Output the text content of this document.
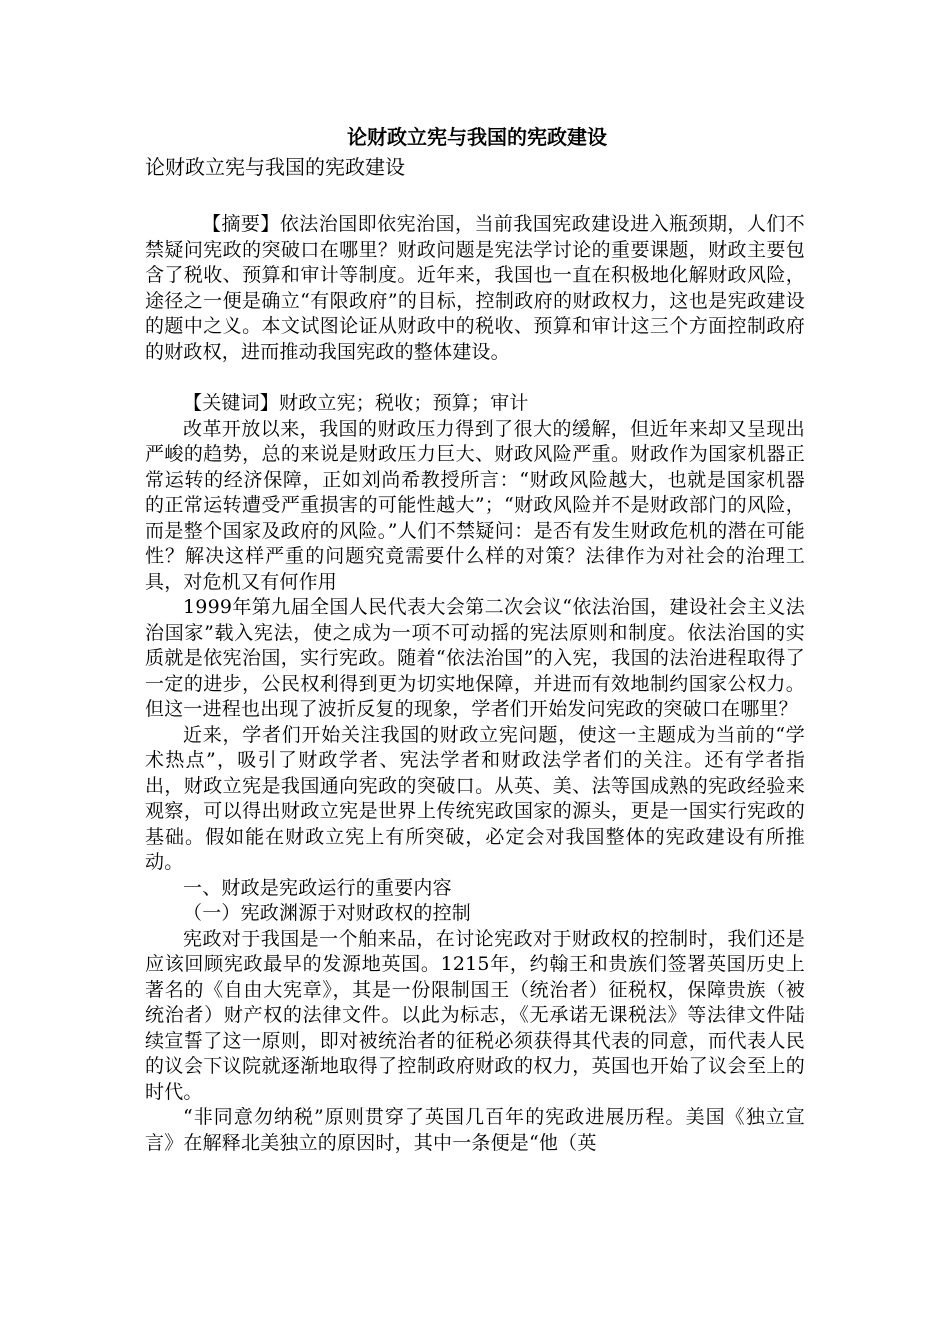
论财政立宪与我国的宪政建设

论财政立宪与我国的宪政建设

【摘要】依法治国即依宪治国，当前我国宪政建设进入瓶颈期，人们不禁疑问宪政的突破口在哪里？财政问题是宪法学讨论的重要课题，财政主要包含了税收、预算和审计等制度。近年来，我国也一直在积极地化解财政风险，途径之一便是确立“有限政府”的目标，控制政府的财政权力，这也是宪政建设的题中之义。本文试图论证从财政中的税收、预算和审计这三个方面控制政府的财政权，进而推动我国宪政的整体建设。

【关键词】财政立宪；税收；预算；审计

改革开放以来，我国的财政压力得到了很大的缓解，但近年来却又呈现出严峻的趋势，总的来说是财政压力巨大、财政风险严重。财政作为国家机器正常运转的经济保障，正如刘尚希教授所言：“财政风险越大，也就是国家机器的正常运转遭受严重损害的可能性越大”；“财政风险并不是财政部门的风险，而是整个国家及政府的风险。”人们不禁疑问：是否有发生财政危机的潜在可能性？解决这样严重的问题究竟需要什么样的对策？法律作为对社会的治理工具，对危机又有何作用

1999年第九届全国人民代表大会第二次会议“依法治国，建设社会主义法治国家”载入宪法，使之成为一项不可动摇的宪法原则和制度。依法治国的实质就是依宪治国，实行宪政。随着“依法治国”的入宪，我国的法治进程取得了一定的进步，公民权利得到更为切实地保障，并进而有效地制约国家公权力。但这一进程也出现了波折反复的现象，学者们开始发问宪政的突破口在哪里？

近来，学者们开始关注我国的财政立宪问题，使这一主题成为当前的“学术热点”，吸引了财政学者、宪法学者和财政法学者们的关注。还有学者指出，财政立宪是我国通向宪政的突破口。从英、美、法等国成熟的宪政经验来观察，可以得出财政立宪是世界上传统宪政国家的源头，更是一国实行宪政的基础。假如能在财政立宪上有所突破，必定会对我国整体的宪政建设有所推动。

一、财政是宪政运行的重要内容

（一）宪政渊源于对财政权的控制

宪政对于我国是一个舶来品，在讨论宪政对于财政权的控制时，我们还是应该回顾宪政最早的发源地英国。1215年，约翰王和贵族们签署英国历史上著名的《自由大宪章》，其是一份限制国王（统治者）征税权，保障贵族（被统治者）财产权的法律文件。以此为标志，《无承诺无课税法》等法律文件陆续宣誓了这一原则，即对被统治者的征税必须获得其代表的同意，而代表人民的议会下议院就逐渐地取得了控制政府财政的权力，英国也开始了议会至上的时代。

“非同意勿纳税”原则贯穿了英国几百年的宪政进展历程。美国《独立宣言》在解释北美独立的原因时，其中一条便是“他（英
